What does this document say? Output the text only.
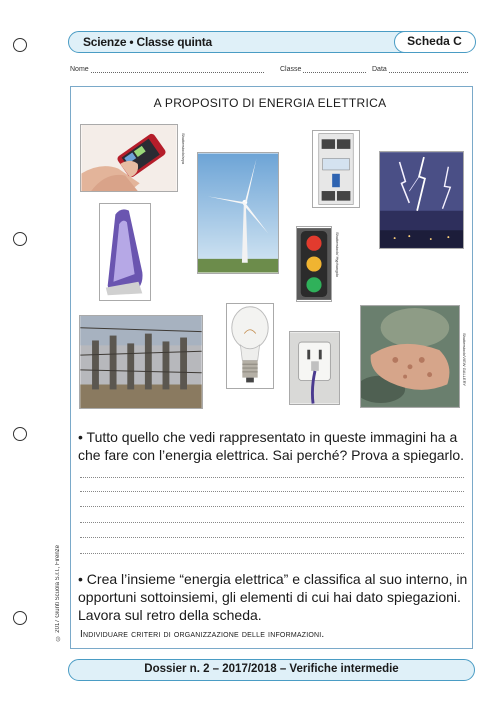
Scienze • Classe quinta	Scheda C
Nome	Classe	Data
A PROPOSITO DI ENERGIA ELETTRICA
Shutterstock/arya
Shutterstock/ Hyphungdo
Shutterstock/VIEW GALLERY
• Tutto quello che vedi rappresentato in queste immagini ha a che fare con l’energia elettrica. Sai perché? Prova a spiegarlo.
• Crea l’insieme “energia elettrica” e classifica al suo interno, in opportuni sottoinsiemi, gli elementi di cui hai dato spiegazioni. Lavora sul retro della scheda.
Individuare criteri di organizzazione delle informazioni.
Dossier n. 2 – 2017/2018 – Verifiche intermedie
© 2017 Giunti Scuola S.r.l., Firenze
